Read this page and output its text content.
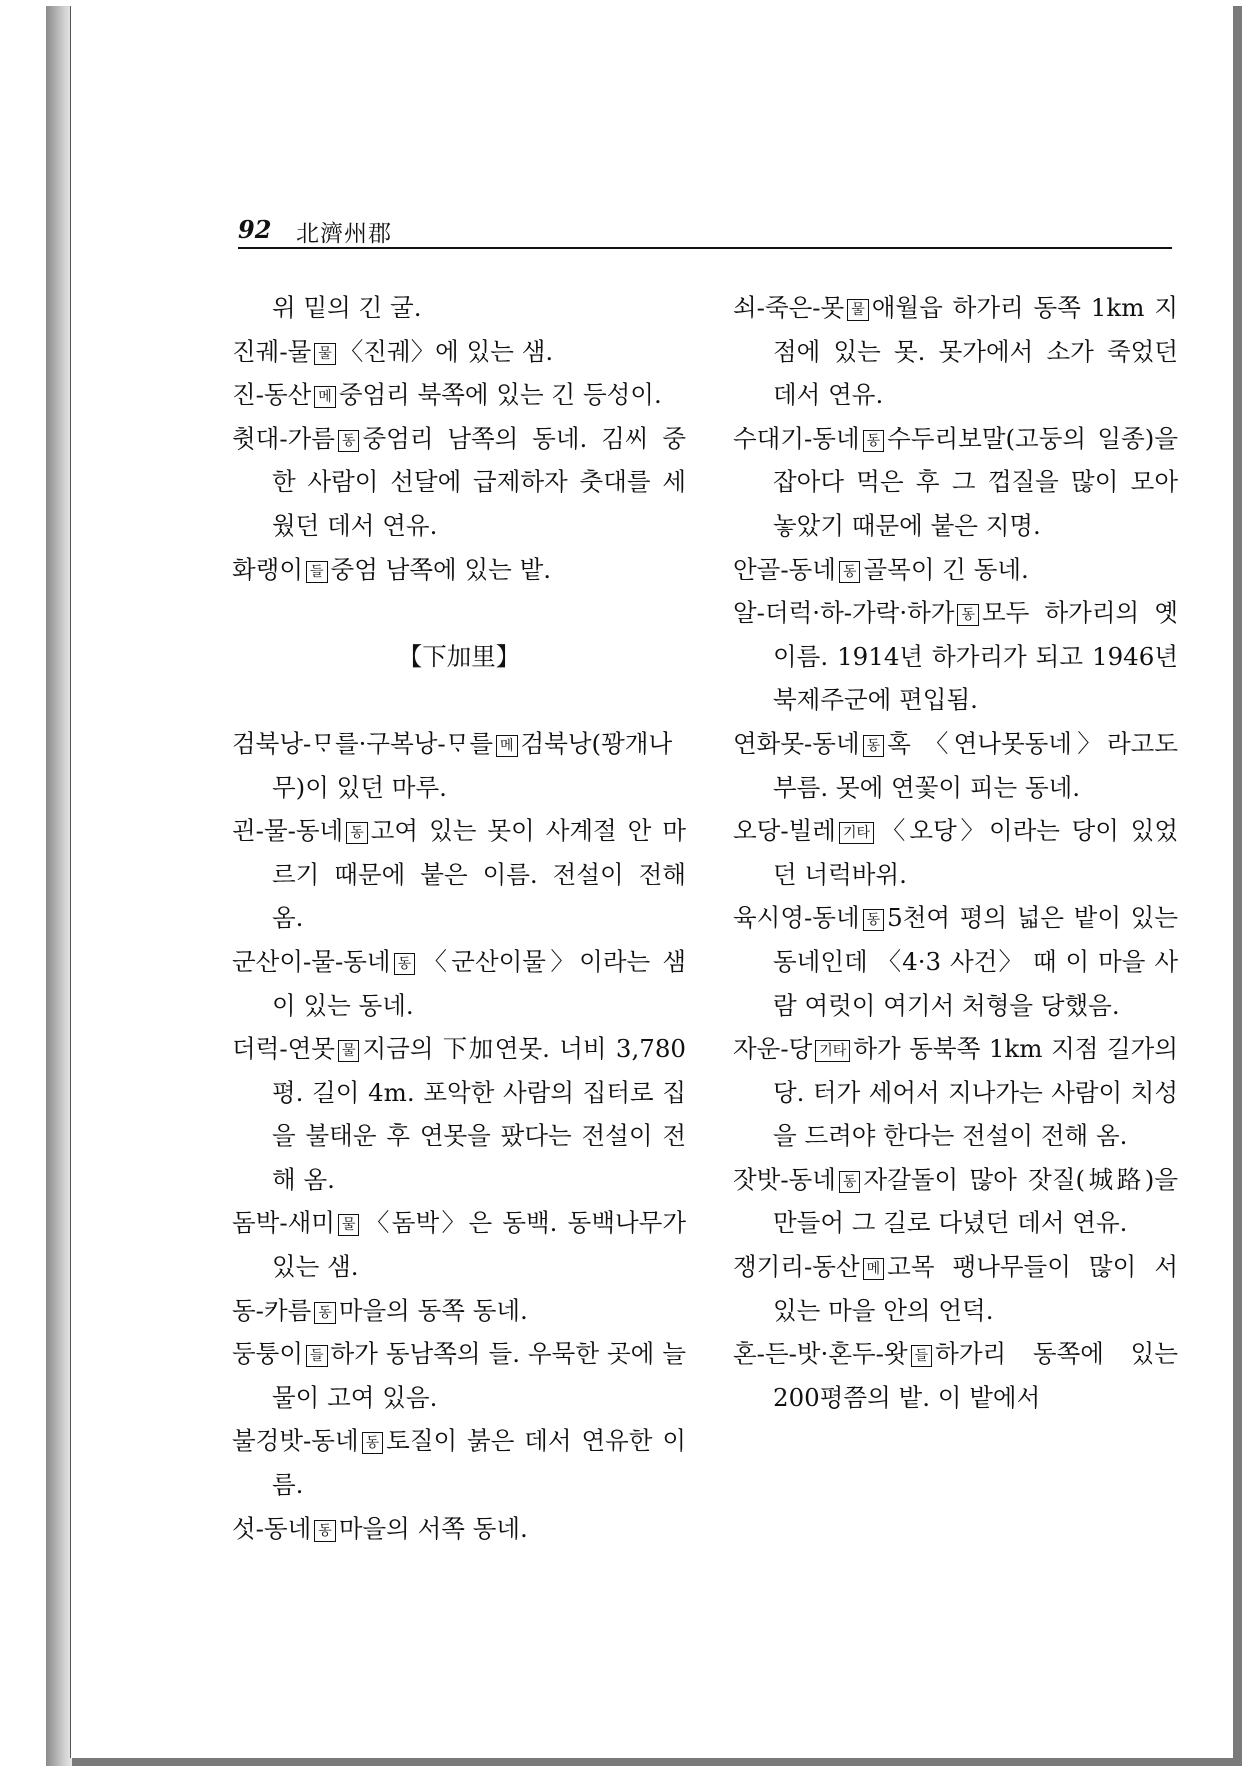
92 北濟州郡

위 밑의 긴 굴.

진궤-물 물 〈진궤〉에 있는 샘.

진-동산 메 중엄리 북쪽에 있는 긴 등성이.

췻대-가름 동 중엄리 남쪽의 동네. 김씨 중 한 사람이 선달에 급제하자 춧대를 세웠던 데서 연유.

화랭이 들 중엄 남쪽에 있는 밭.

【下加里】

검북낭-ᄆᆞ를·구복낭-ᄆᆞ를 메 검북낭(꽝개나무)이 있던 마루.

괸-물-동네 동 고여 있는 못이 사계절 안 마르기 때문에 붙은 이름. 전설이 전해 옴.

군산이-물-동네 동 〈군산이물〉이라는 샘이 있는 동네.

더럭-연못 물 지금의 下加연못. 너비 3,780평. 길이 4m. 포악한 사람의 집터로 집을 불태운 후 연못을 팠다는 전설이 전해 옴.

돔박-새미 물 〈돔박〉은 동백. 동백나무가 있는 샘.

동-카름 동 마을의 동쪽 동네.

둥퉁이 들 하가 동남쪽의 들. 우묵한 곳에 늘 물이 고여 있음.

불겅밧-동네 동 토질이 붉은 데서 연유한 이름.

섯-동네 동 마을의 서쪽 동네.

쇠-죽은-못 물 애월읍 하가리 동쪽 1km 지점에 있는 못. 못가에서 소가 죽었던 데서 연유.

수대기-동네 동 수두리보말(고둥의 일종)을 잡아다 먹은 후 그 껍질을 많이 모아 놓았기 때문에 붙은 지명.

안골-동네 동 골목이 긴 동네.

알-더럭·하-가락·하가 동 모두 하가리의 옛이름. 1914년 하가리가 되고 1946년 북제주군에 편입됨.

연화못-동네 동 혹 〈연나못동네〉라고도 부름. 못에 연꽃이 피는 동네.

오당-빌레 기타 〈오당〉이라는 당이 있었던 너럭바위.

육시영-동네 동 5천여 평의 넓은 밭이 있는 동네인데 〈4·3 사건〉 때 이 마을 사람 여럿이 여기서 처형을 당했음.

자운-당 기타 하가 동북쪽 1km 지점 길가의 당. 터가 세어서 지나가는 사람이 치성을 드려야 한다는 전설이 전해 옴.

잣밧-동네 동 자갈돌이 많아 잣질(城路)을 만들어 그 길로 다녔던 데서 연유.

쟁기리-동산 메 고목 팽나무들이 많이 서 있는 마을 안의 언덕.

혼-든-밧·혼두-왓 들 하가리 동쪽에 있는 200평쯤의 밭. 이 밭에서
